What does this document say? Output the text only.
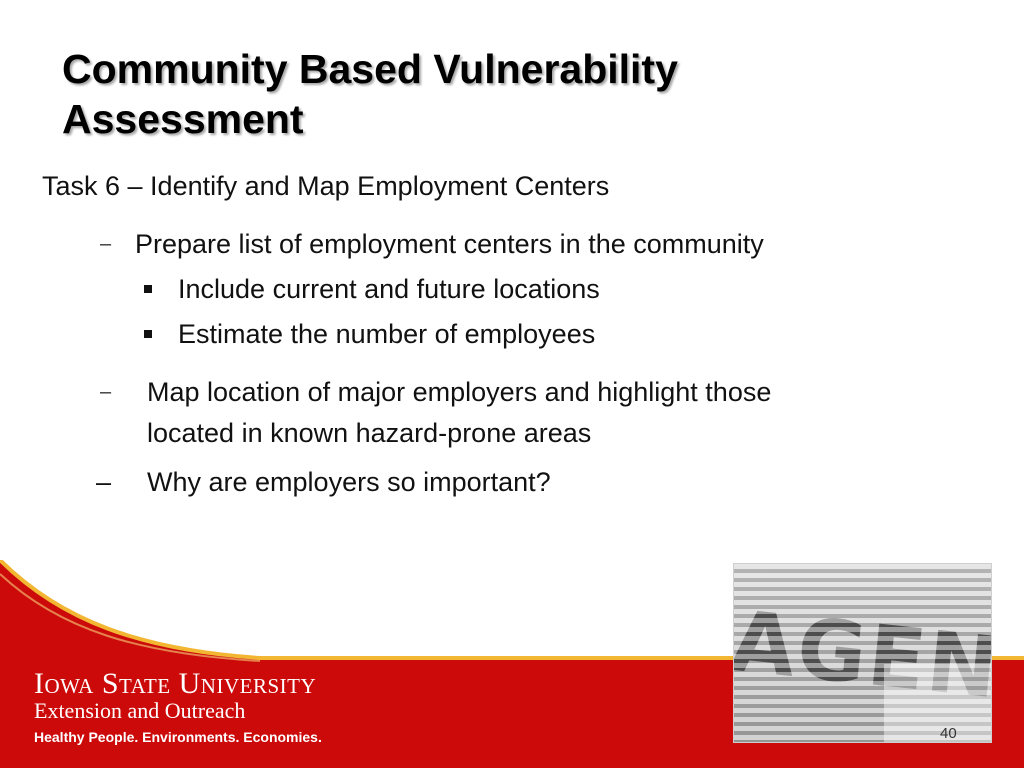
Community Based Vulnerability
Assessment
Task 6 – Identify and Map Employment Centers
– Prepare list of employment centers in the community
Include current and future locations
Estimate the number of employees
– Map location of major employers and highlight those
located in known hazard-prone areas
– Why are employers so important?
Iowa State University
Extension and Outreach
Healthy People. Environments. Economies.	40
